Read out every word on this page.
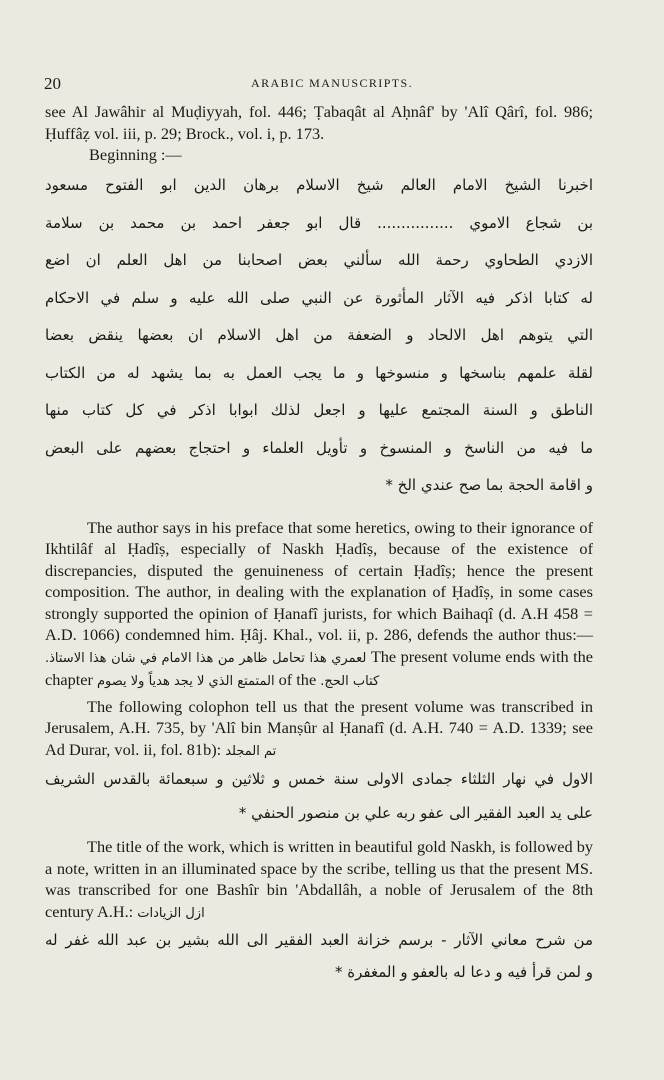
20	ARABIC MANUSCRIPTS.

see Al Jawâhir al Muḍiyyah, fol. 446; Ṭabaqât al Aḥnâf' by 'Alî Qârî, fol. 986; Ḥuffâẓ vol. iii, p. 29; Brock., vol. i, p. 173.

Beginning :—

اخبرنا الشيخ الامام العالم شيخ الاسلام برهان الدين ابو الفتوح مسعود

بن شجاع الاموي ................ قال ابو جعفر احمد بن محمد بن سلامة

الازدي الطحاوي رحمة الله سألني بعض اصحابنا من اهل العلم ان اضع

له كتابا اذكر فيه الآثار المأثورة عن النبي صلى الله عليه و سلم في الاحكام

التي يتوهم اهل الالحاد و الضعفة من اهل الاسلام ان بعضها ينقض بعضا

لقلة علمهم بناسخها و منسوخها و ما يجب العمل به بما يشهد له من الكتاب

الناطق و السنة المجتمع عليها و اجعل لذلك ابوابا اذكر في كل كتاب منها

ما فيه من الناسخ و المنسوخ و تأويل العلماء و احتجاج بعضهم على البعض

و اقامة الحجة بما صح عندي الخ *

The author says in his preface that some heretics, owing to their ignorance of Ikhtilâf al Ḥadîṣ, especially of Naskh Ḥadîṣ, because of the existence of discrepancies, disputed the genuineness of certain Ḥadîṣ; hence the present composition. The author, in dealing with the explanation of Ḥadîṣ, in some cases strongly supported the opinion of Ḥanafî jurists, for which Baihaqî (d. A.H 458 = A.D. 1066) condemned him. Ḥâj. Khal., vol. ii, p. 286, defends the author thus:— لعمري هذا تحامل ظاهر من هذا الامام في شان هذا الاستاذ. The present volume ends with the chapter المتمتع الذي لا يجد هدياً ولا يصوم of the كتاب الحج.

The following colophon tell us that the present volume was transcribed in Jerusalem, A.H. 735, by 'Alî bin Manṣûr al Ḥanafî (d. A.H. 740 = A.D. 1339; see Ad Durar, vol. ii, fol. 81b): تم المجلد

الاول في نهار الثلثاء جمادى الاولى سنة خمس و ثلاثين و سبعمائة بالقدس الشريف

على يد العبد الفقير الى عفو ربه علي بن منصور الحنفي *

The title of the work, which is written in beautiful gold Naskh, is followed by a note, written in an illuminated space by the scribe, telling us that the present MS. was transcribed for one Bashîr bin 'Abdallâh, a noble of Jerusalem of the 8th century A.H.: ازل الزيادات

من شرح معاني الآثار - برسم خزانة العبد الفقير الى الله بشير بن عبد الله غفر له

و لمن قرأ فيه و دعا له بالعفو و المغفرة *
